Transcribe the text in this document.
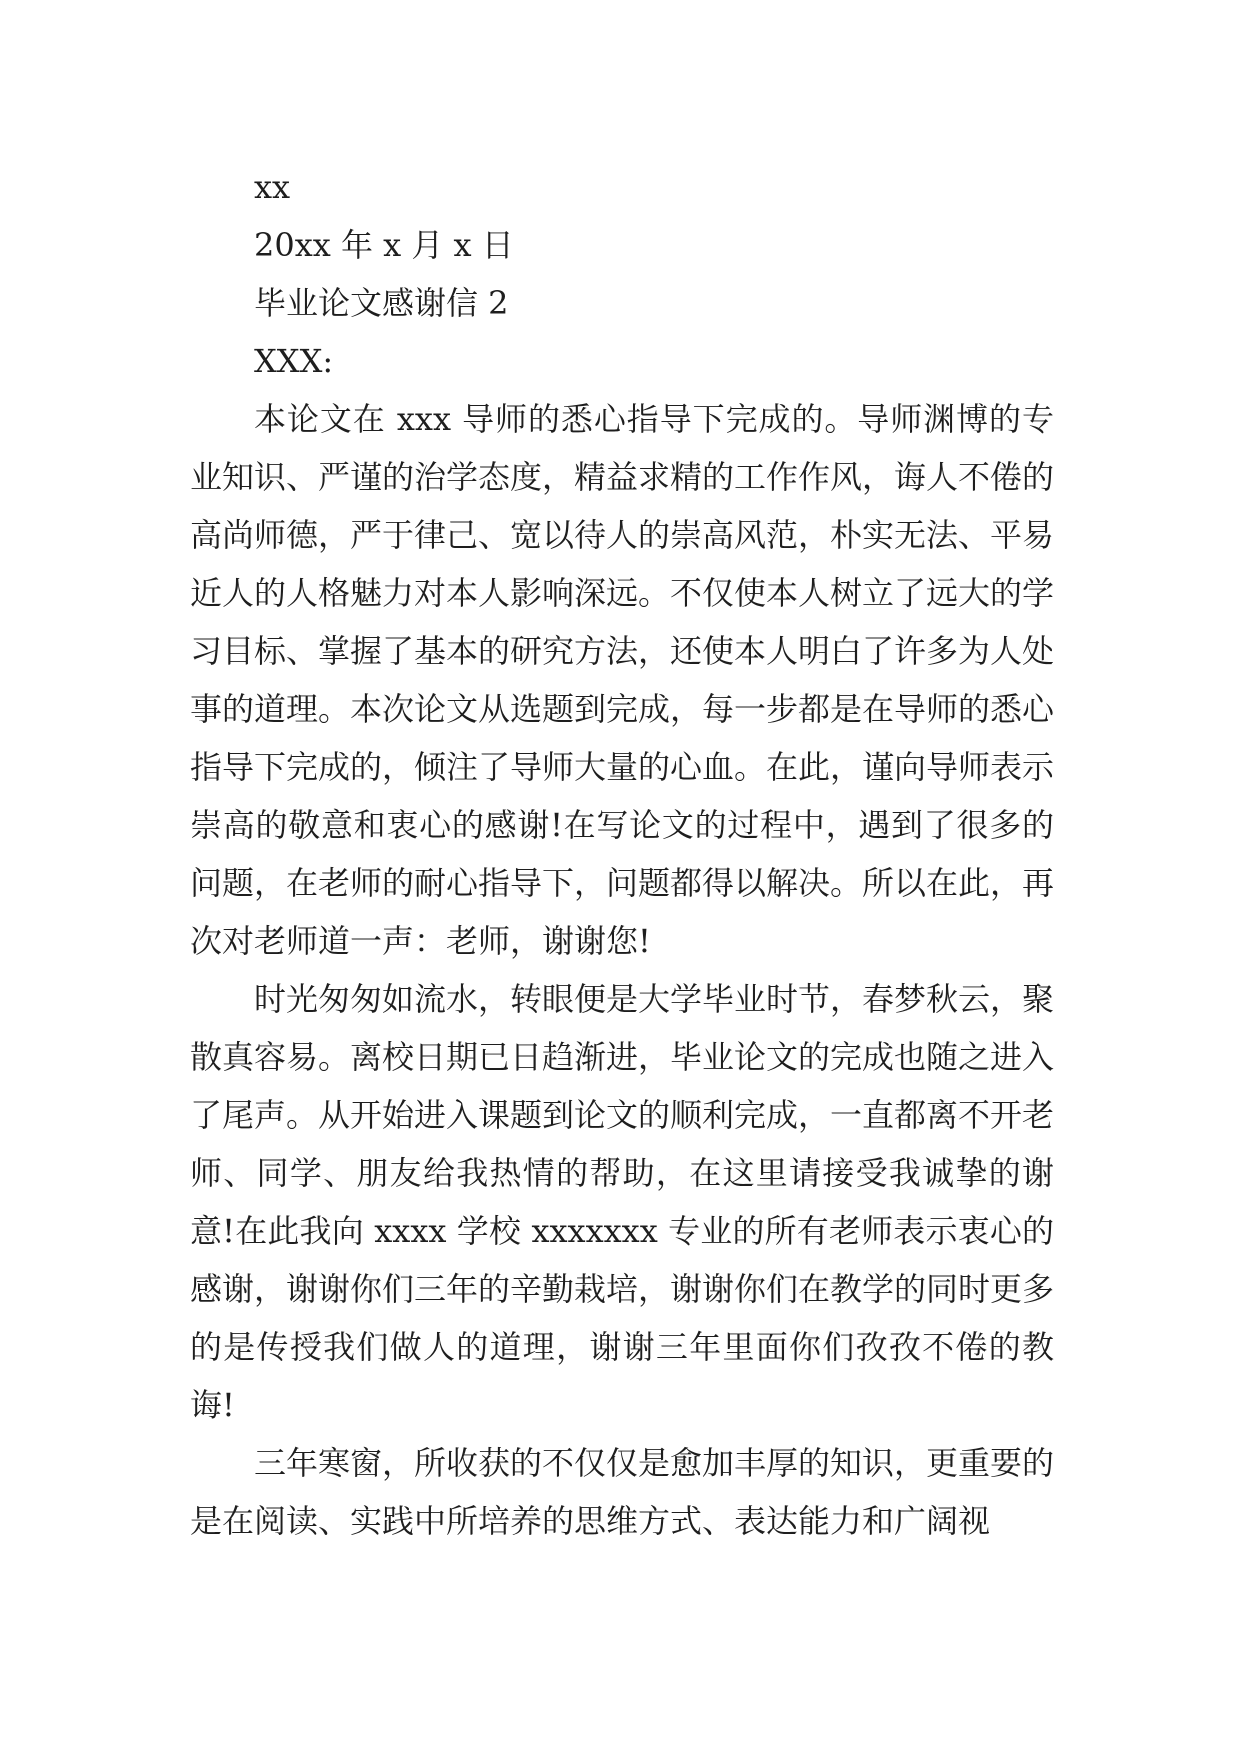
xx

20xx 年 x 月 x 日

毕业论文感谢信 2

XXX:

本论文在 xxx 导师的悉心指导下完成的。导师渊博的专业知识、严谨的治学态度，精益求精的工作作风，诲人不倦的高尚师德，严于律己、宽以待人的崇高风范，朴实无法、平易近人的人格魅力对本人影响深远。不仅使本人树立了远大的学习目标、掌握了基本的研究方法，还使本人明白了许多为人处事的道理。本次论文从选题到完成，每一步都是在导师的悉心指导下完成的，倾注了导师大量的心血。在此，谨向导师表示崇高的敬意和衷心的感谢!在写论文的过程中，遇到了很多的问题，在老师的耐心指导下，问题都得以解决。所以在此，再次对老师道一声：老师，谢谢您!

时光匆匆如流水，转眼便是大学毕业时节，春梦秋云，聚散真容易。离校日期已日趋渐进，毕业论文的完成也随之进入了尾声。从开始进入课题到论文的顺利完成，一直都离不开老师、同学、朋友给我热情的帮助，在这里请接受我诚挚的谢意!在此我向 xxxx 学校 xxxxxxx 专业的所有老师表示衷心的感谢，谢谢你们三年的辛勤栽培，谢谢你们在教学的同时更多的是传授我们做人的道理，谢谢三年里面你们孜孜不倦的教诲!

三年寒窗，所收获的不仅仅是愈加丰厚的知识，更重要的是在阅读、实践中所培养的思维方式、表达能力和广阔视
